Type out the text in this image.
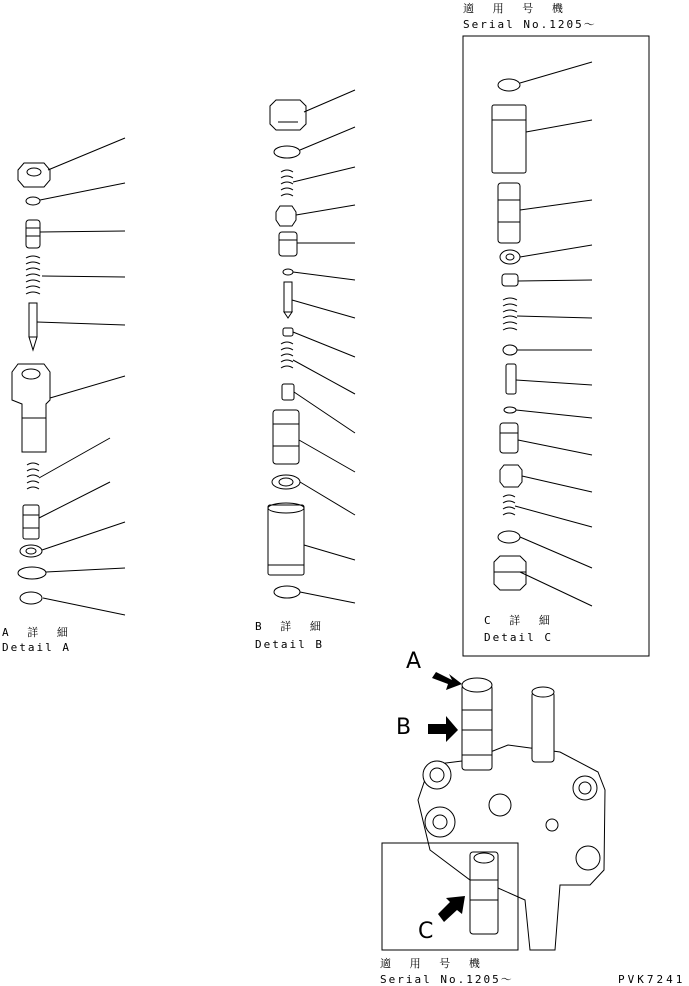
A 詳 細
Detail A
B 詳 細
Detail B
C 詳 細
Detail C
適 用 号 機
Serial No.1205～
適 用 号 機
Serial No.1205～
A
B
C
PVK7241
